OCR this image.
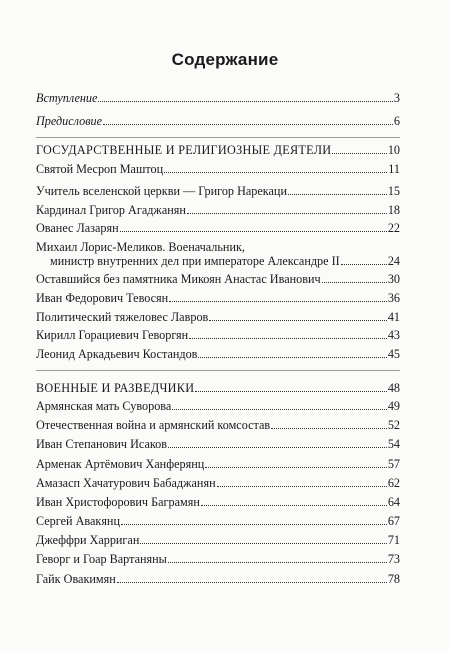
Содержание
Вступление	3
Предисловие	6
ГОСУДАРСТВЕННЫЕ И РЕЛИГИОЗНЫЕ ДЕЯТЕЛИ	10
Святой Месроп Маштоц	11
Учитель вселенской церкви — Григор Нарекаци	15
Кардинал Григор Агаджанян	18
Ованес Лазарян	22
Михаил Лорис-Меликов. Военачальник,
министр внутренних дел при императоре Александре II	24
Оставшийся без памятника Микоян Анастас Иванович	30
Иван Федорович Тевосян	36
Политический тяжеловес Лавров	41
Кирилл Горациевич Геворгян	43
Леонид Аркадьевич Костандов	45
ВОЕННЫЕ И РАЗВЕДЧИКИ	48
Армянская мать Суворова	49
Отечественная война и армянский комсостав	52
Иван Степанович Исаков	54
Арменак Артёмович Ханферянц	57
Амазасп Хачатурович Бабаджанян	62
Иван Христофорович Баграмян	64
Сергей Авакянц	67
Джеффри Харриган	71
Геворг и Гоар Вартаняны	73
Гайк Овакимян	78
